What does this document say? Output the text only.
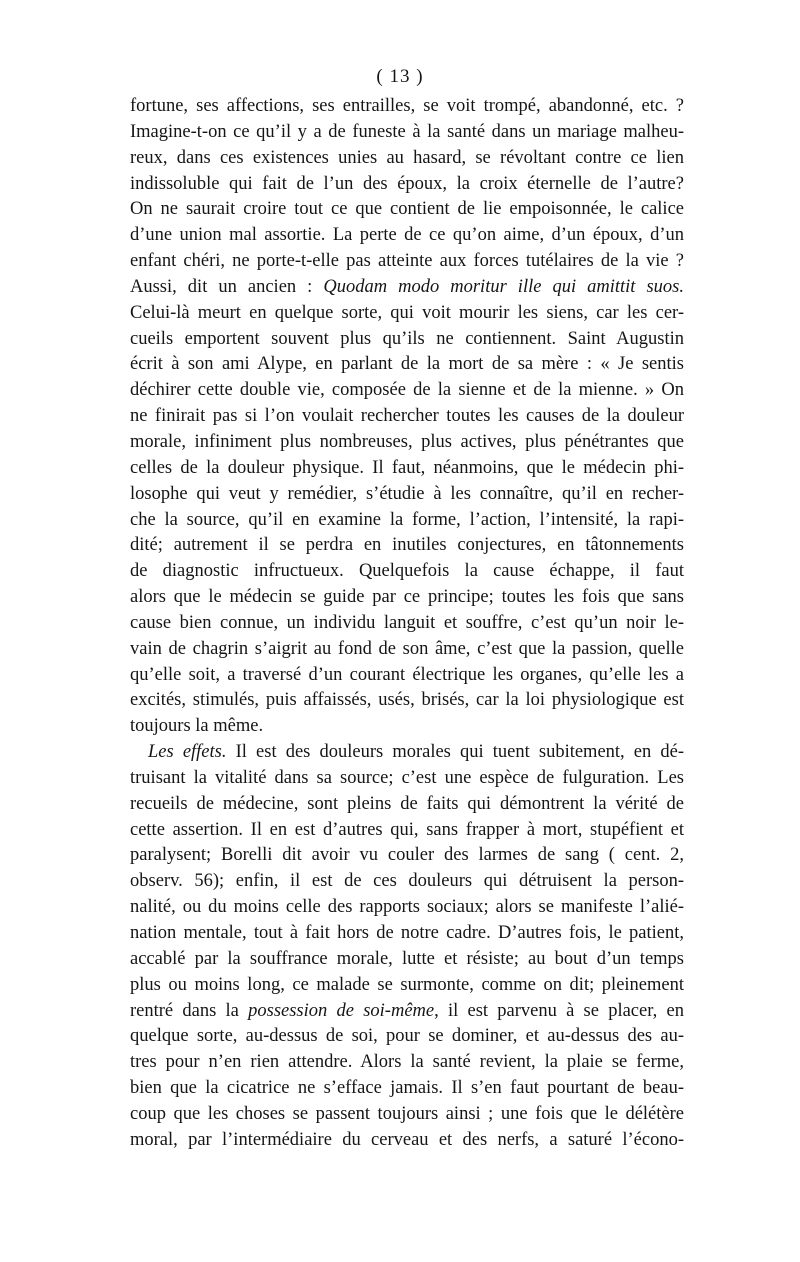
( 13 )
fortune, ses affections, ses entrailles, se voit trompé, abandonné, etc. ?
Imagine-t-on ce qu’il y a de funeste à la santé dans un mariage malheu-
reux, dans ces existences unies au hasard, se révoltant contre ce lien
indissoluble qui fait de l’un des époux, la croix éternelle de l’autre?
On ne saurait croire tout ce que contient de lie empoisonnée, le calice
d’une union mal assortie. La perte de ce qu’on aime, d’un époux, d’un
enfant chéri, ne porte-t-elle pas atteinte aux forces tutélaires de la vie ?
Aussi, dit un ancien : Quodam modo moritur ille qui amittit suos.
Celui-là meurt en quelque sorte, qui voit mourir les siens, car les cer-
cueils emportent souvent plus qu’ils ne contiennent. Saint Augustin
écrit à son ami Alype, en parlant de la mort de sa mère : « Je sentis
déchirer cette double vie, composée de la sienne et de la mienne. » On
ne finirait pas si l’on voulait rechercher toutes les causes de la douleur
morale, infiniment plus nombreuses, plus actives, plus pénétrantes que
celles de la douleur physique. Il faut, néanmoins, que le médecin phi-
losophe qui veut y remédier, s’étudie à les connaître, qu’il en recher-
che la source, qu’il en examine la forme, l’action, l’intensité, la rapi-
dité; autrement il se perdra en inutiles conjectures, en tâtonnements
de diagnostic infructueux. Quelquefois la cause échappe, il faut
alors que le médecin se guide par ce principe; toutes les fois que sans
cause bien connue, un individu languit et souffre, c’est qu’un noir le-
vain de chagrin s’aigrit au fond de son âme, c’est que la passion, quelle
qu’elle soit, a traversé d’un courant électrique les organes, qu’elle les a
excités, stimulés, puis affaissés, usés, brisés, car la loi physiologique est
toujours la même.
Les effets. Il est des douleurs morales qui tuent subitement, en dé-
truisant la vitalité dans sa source; c’est une espèce de fulguration. Les
recueils de médecine, sont pleins de faits qui démontrent la vérité de
cette assertion. Il en est d’autres qui, sans frapper à mort, stupéfient et
paralysent; Borelli dit avoir vu couler des larmes de sang ( cent. 2,
observ. 56); enfin, il est de ces douleurs qui détruisent la person-
nalité, ou du moins celle des rapports sociaux; alors se manifeste l’alié-
nation mentale, tout à fait hors de notre cadre. D’autres fois, le patient,
accablé par la souffrance morale, lutte et résiste; au bout d’un temps
plus ou moins long, ce malade se surmonte, comme on dit; pleinement
rentré dans la possession de soi-même, il est parvenu à se placer, en
quelque sorte, au-dessus de soi, pour se dominer, et au-dessus des au-
tres pour n’en rien attendre. Alors la santé revient, la plaie se ferme,
bien que la cicatrice ne s’efface jamais. Il s’en faut pourtant de beau-
coup que les choses se passent toujours ainsi ; une fois que le délétère
moral, par l’intermédiaire du cerveau et des nerfs, a saturé l’écono-
